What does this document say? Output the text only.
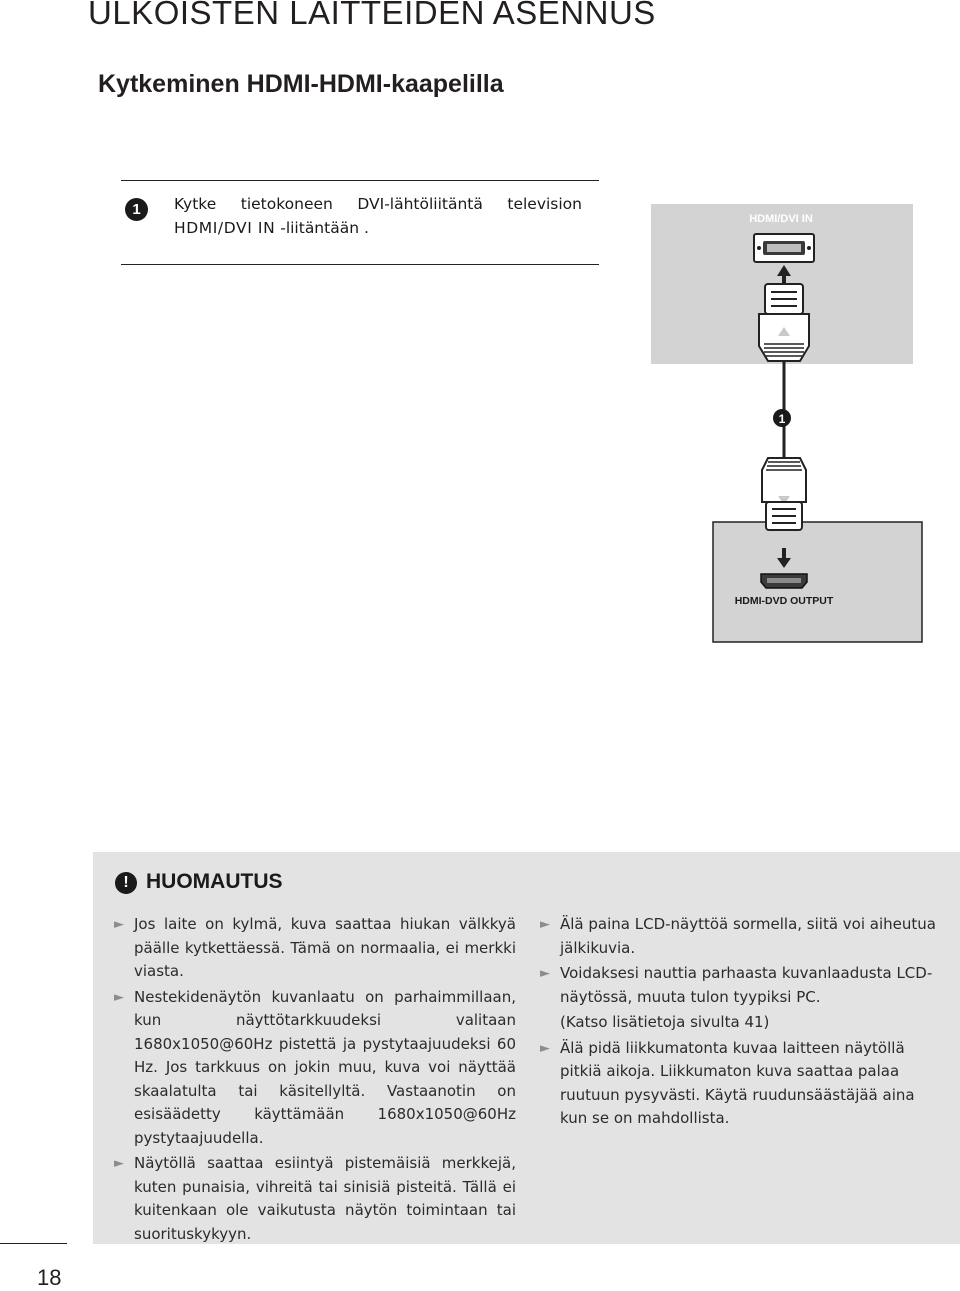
ULKOISTEN LAITTEIDEN ASENNUS
Kytkeminen HDMI-HDMI-kaapelilla
1	Kytke tietokoneen DVI-lähtöliitäntä television HDMI/DVI IN -liitäntään .	HDMI/DVI IN
1
HDMI-DVD OUTPUT
! HUOMAUTUS

► Jos laite on kylmä, kuva saattaa hiukan välkkyä päälle kytkettäessä. Tämä on normaalia, ei merkki viasta.

► Nestekidenäytön kuvanlaatu on parhaimmillaan, kun näyttötarkkuudeksi valitaan 1680x1050@60Hz pistettä ja pystytaajuudeksi 60 Hz. Jos tarkkuus on jokin muu, kuva voi näyttää skaalatulta tai käsitellyltä. Vastaanotin on esisäädetty käyttämään 1680x1050@60Hz pystytaajuudella.

► Näytöllä saattaa esiintyä pistemäisiä merkkejä, kuten punaisia, vihreitä tai sinisiä pisteitä. Tällä ei kuitenkaan ole vaikutusta näytön toimintaan tai suorituskykyyn.

► Älä paina LCD-näyttöä sormella, siitä voi aiheutua jälkikuvia.

► Voidaksesi nauttia parhaasta kuvanlaadusta LCD-näytössä, muuta tulon tyypiksi PC.

(Katso lisätietoja sivulta 41)

► Älä pidä liikkumatonta kuvaa laitteen näytöllä pitkiä aikoja. Liikkumaton kuva saattaa palaa ruutuun pysyvästi. Käytä ruudunsäästäjää aina kun se on mahdollista.

18
